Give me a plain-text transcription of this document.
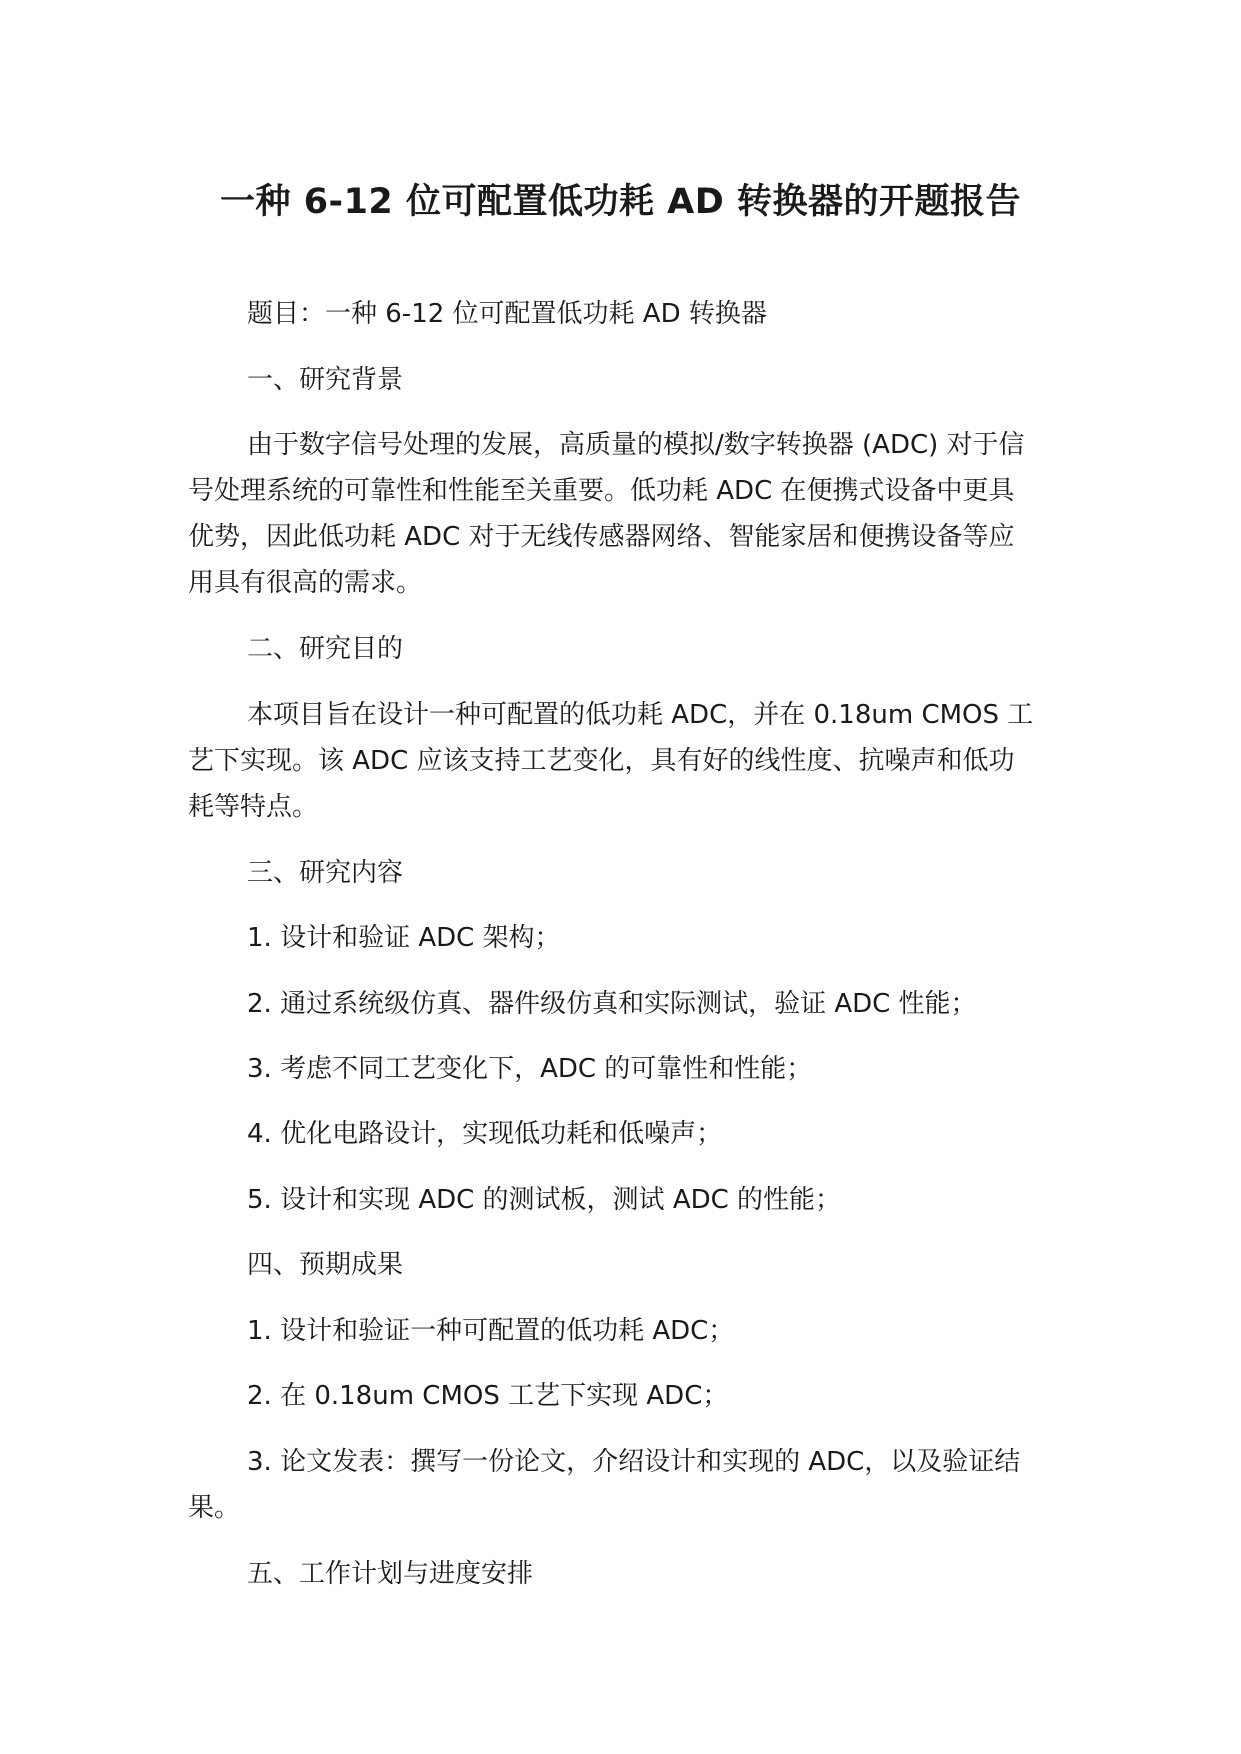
一种 6-12 位可配置低功耗 AD 转换器的开题报告
题目：一种 6-12 位可配置低功耗 AD 转换器
一、研究背景
由于数字信号处理的发展，高质量的模拟/数字转换器 (ADC) 对于信
号处理系统的可靠性和性能至关重要。低功耗 ADC 在便携式设备中更具
优势，因此低功耗 ADC 对于无线传感器网络、智能家居和便携设备等应
用具有很高的需求。
二、研究目的
本项目旨在设计一种可配置的低功耗 ADC，并在 0.18um CMOS 工
艺下实现。该 ADC 应该支持工艺变化，具有好的线性度、抗噪声和低功
耗等特点。
三、研究内容
1. 设计和验证 ADC 架构；
2. 通过系统级仿真、器件级仿真和实际测试，验证 ADC 性能；
3. 考虑不同工艺变化下，ADC 的可靠性和性能；
4. 优化电路设计，实现低功耗和低噪声；
5. 设计和实现 ADC 的测试板，测试 ADC 的性能；
四、预期成果
1. 设计和验证一种可配置的低功耗 ADC；
2. 在 0.18um CMOS 工艺下实现 ADC；
3. 论文发表：撰写一份论文，介绍设计和实现的 ADC，以及验证结
果。
五、工作计划与进度安排
